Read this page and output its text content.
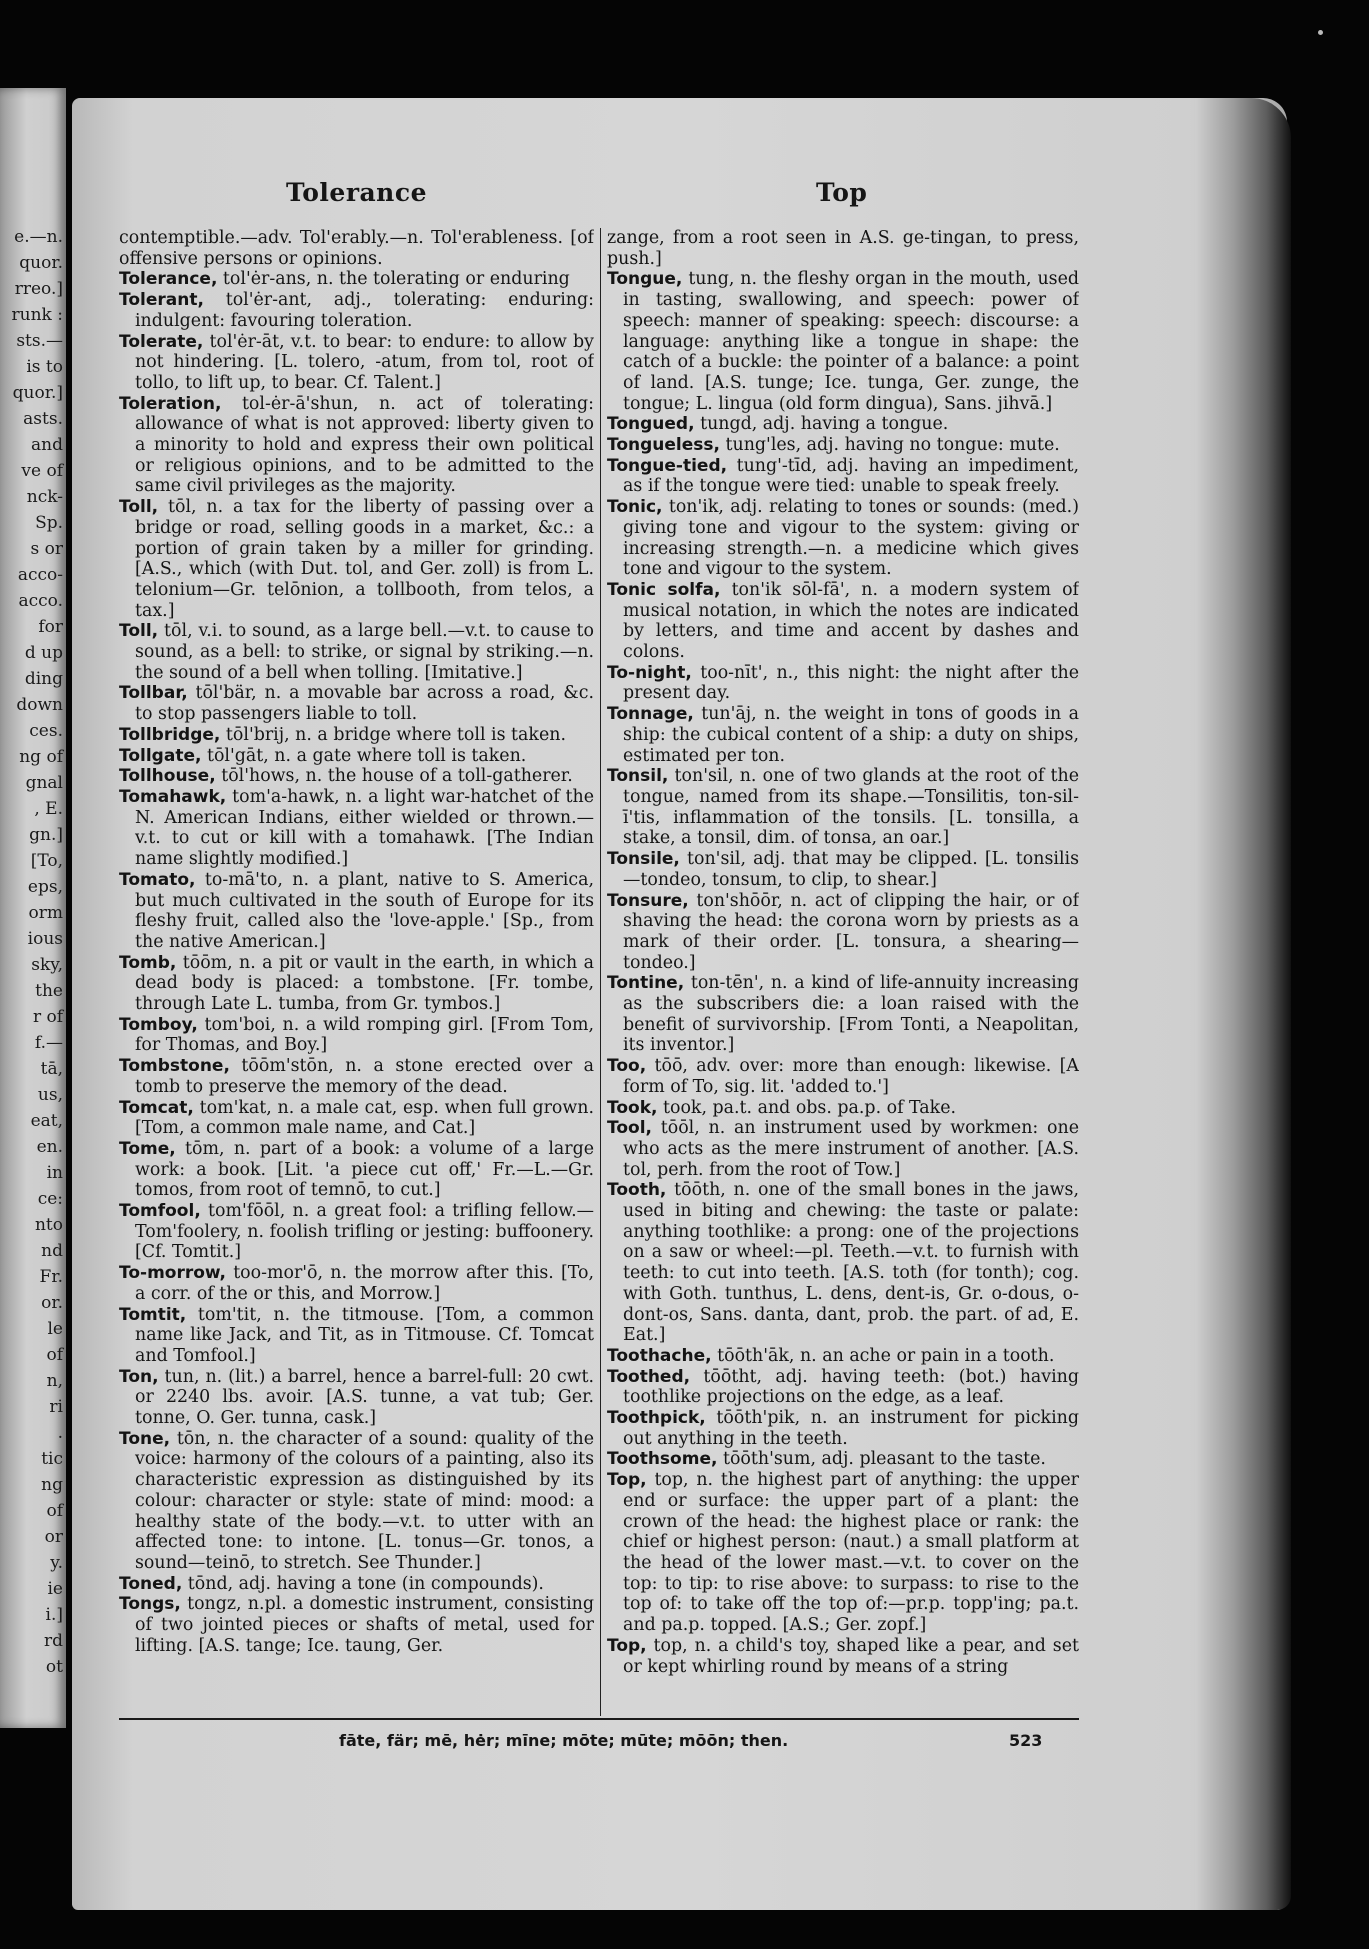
e.—n.
quor.
rreo.]
runk :
sts.—
is to
quor.]
asts.
and
ve of
nck-
Sp.
s or
acco-
acco.
for
d up
ding
down
ces.
ng of
gnal
, E.
gn.]
[To,
eps,
orm
ious
sky,
the
r of
f.—
tā,
us,
eat,
en.
in
ce:
nto
nd
Fr.
or.
le
of
n,
ri
.
tic
ng
of
or
y.
ie
i.]
rd
ot
Tolerance	Top

contemptible.—adv. Tol'erably.—n. Tol'erableness. [of offensive persons or opinions.

Tolerance, tol'ėr-ans, n. the tolerating or enduring

Tolerant, tol'ėr-ant, adj., tolerating: enduring: indulgent: favouring toleration.

Tolerate, tol'ėr-āt, v.t. to bear: to endure: to allow by not hindering. [L. tolero, -atum, from tol, root of tollo, to lift up, to bear. Cf. Talent.]

Toleration, tol-ėr-ā'shun, n. act of tolerating: allowance of what is not approved: liberty given to a minority to hold and express their own political or religious opinions, and to be admitted to the same civil privileges as the majority.

Toll, tōl, n. a tax for the liberty of passing over a bridge or road, selling goods in a market, &c.: a portion of grain taken by a miller for grinding. [A.S., which (with Dut. tol, and Ger. zoll) is from L. telonium—Gr. telōnion, a tollbooth, from telos, a tax.]

Toll, tōl, v.i. to sound, as a large bell.—v.t. to cause to sound, as a bell: to strike, or signal by striking.—n. the sound of a bell when tolling. [Imitative.]

Tollbar, tōl'bär, n. a movable bar across a road, &c. to stop passengers liable to toll.

Tollbridge, tōl'brij, n. a bridge where toll is taken.

Tollgate, tōl'gāt, n. a gate where toll is taken.

Tollhouse, tōl'hows, n. the house of a toll-gatherer.

Tomahawk, tom'a-hawk, n. a light war-hatchet of the N. American Indians, either wielded or thrown.—v.t. to cut or kill with a tomahawk. [The Indian name slightly modified.]

Tomato, to-mā'to, n. a plant, native to S. America, but much cultivated in the south of Europe for its fleshy fruit, called also the 'love-apple.' [Sp., from the native American.]

Tomb, tōōm, n. a pit or vault in the earth, in which a dead body is placed: a tombstone. [Fr. tombe, through Late L. tumba, from Gr. tymbos.]

Tomboy, tom'boi, n. a wild romping girl. [From Tom, for Thomas, and Boy.]

Tombstone, tōōm'stōn, n. a stone erected over a tomb to preserve the memory of the dead.

Tomcat, tom'kat, n. a male cat, esp. when full grown. [Tom, a common male name, and Cat.]

Tome, tōm, n. part of a book: a volume of a large work: a book. [Lit. 'a piece cut off,' Fr.—L.—Gr. tomos, from root of temnō, to cut.]

Tomfool, tom'fōōl, n. a great fool: a trifling fellow.—Tom'foolery, n. foolish trifling or jesting: buffoonery. [Cf. Tomtit.]

To-morrow, too-mor'ō, n. the morrow after this. [To, a corr. of the or this, and Morrow.]

Tomtit, tom'tit, n. the titmouse. [Tom, a common name like Jack, and Tit, as in Titmouse. Cf. Tomcat and Tomfool.]

Ton, tun, n. (lit.) a barrel, hence a barrel-full: 20 cwt. or 2240 lbs. avoir. [A.S. tunne, a vat tub; Ger. tonne, O. Ger. tunna, cask.]

Tone, tōn, n. the character of a sound: quality of the voice: harmony of the colours of a painting, also its characteristic expression as distinguished by its colour: character or style: state of mind: mood: a healthy state of the body.—v.t. to utter with an affected tone: to intone. [L. tonus—Gr. tonos, a sound—teinō, to stretch. See Thunder.]

Toned, tōnd, adj. having a tone (in compounds).

Tongs, tongz, n.pl. a domestic instrument, consisting of two jointed pieces or shafts of metal, used for lifting. [A.S. tange; Ice. taung, Ger.

zange, from a root seen in A.S. ge-tingan, to press, push.]

Tongue, tung, n. the fleshy organ in the mouth, used in tasting, swallowing, and speech: power of speech: manner of speaking: speech: discourse: a language: anything like a tongue in shape: the catch of a buckle: the pointer of a balance: a point of land. [A.S. tunge; Ice. tunga, Ger. zunge, the tongue; L. lingua (old form dingua), Sans. jihvā.]

Tongued, tungd, adj. having a tongue.

Tongueless, tung'les, adj. having no tongue: mute.

Tongue-tied, tung'-tīd, adj. having an impediment, as if the tongue were tied: unable to speak freely.

Tonic, ton'ik, adj. relating to tones or sounds: (med.) giving tone and vigour to the system: giving or increasing strength.—n. a medicine which gives tone and vigour to the system.

Tonic solfa, ton'ik sōl-fā', n. a modern system of musical notation, in which the notes are indicated by letters, and time and accent by dashes and colons.

To-night, too-nīt', n., this night: the night after the present day.

Tonnage, tun'āj, n. the weight in tons of goods in a ship: the cubical content of a ship: a duty on ships, estimated per ton.

Tonsil, ton'sil, n. one of two glands at the root of the tongue, named from its shape.—Tonsilitis, ton-sil-ī'tis, inflammation of the tonsils. [L. tonsilla, a stake, a tonsil, dim. of tonsa, an oar.]

Tonsile, ton'sil, adj. that may be clipped. [L. tonsilis—tondeo, tonsum, to clip, to shear.]

Tonsure, ton'shōōr, n. act of clipping the hair, or of shaving the head: the corona worn by priests as a mark of their order. [L. tonsura, a shearing—tondeo.]

Tontine, ton-tēn', n. a kind of life-annuity increasing as the subscribers die: a loan raised with the benefit of survivorship. [From Tonti, a Neapolitan, its inventor.]

Too, tōō, adv. over: more than enough: likewise. [A form of To, sig. lit. 'added to.']

Took, took, pa.t. and obs. pa.p. of Take.

Tool, tōōl, n. an instrument used by workmen: one who acts as the mere instrument of another. [A.S. tol, perh. from the root of Tow.]

Tooth, tōōth, n. one of the small bones in the jaws, used in biting and chewing: the taste or palate: anything toothlike: a prong: one of the projections on a saw or wheel:—pl. Teeth.—v.t. to furnish with teeth: to cut into teeth. [A.S. toth (for tonth); cog. with Goth. tunthus, L. dens, dent-is, Gr. o-dous, o-dont-os, Sans. danta, dant, prob. the part. of ad, E. Eat.]

Toothache, tōōth'āk, n. an ache or pain in a tooth.

Toothed, tōōtht, adj. having teeth: (bot.) having toothlike projections on the edge, as a leaf.

Toothpick, tōōth'pik, n. an instrument for picking out anything in the teeth.

Toothsome, tōōth'sum, adj. pleasant to the taste.

Top, top, n. the highest part of anything: the upper end or surface: the upper part of a plant: the crown of the head: the highest place or rank: the chief or highest person: (naut.) a small platform at the head of the lower mast.—v.t. to cover on the top: to tip: to rise above: to surpass: to rise to the top of: to take off the top of:—pr.p. topp'ing; pa.t. and pa.p. topped. [A.S.; Ger. zopf.]

Top, top, n. a child's toy, shaped like a pear, and set or kept whirling round by means of a string

fāte, fär; mē, hėr; mīne; mōte; mūte; mōōn; then.	523
